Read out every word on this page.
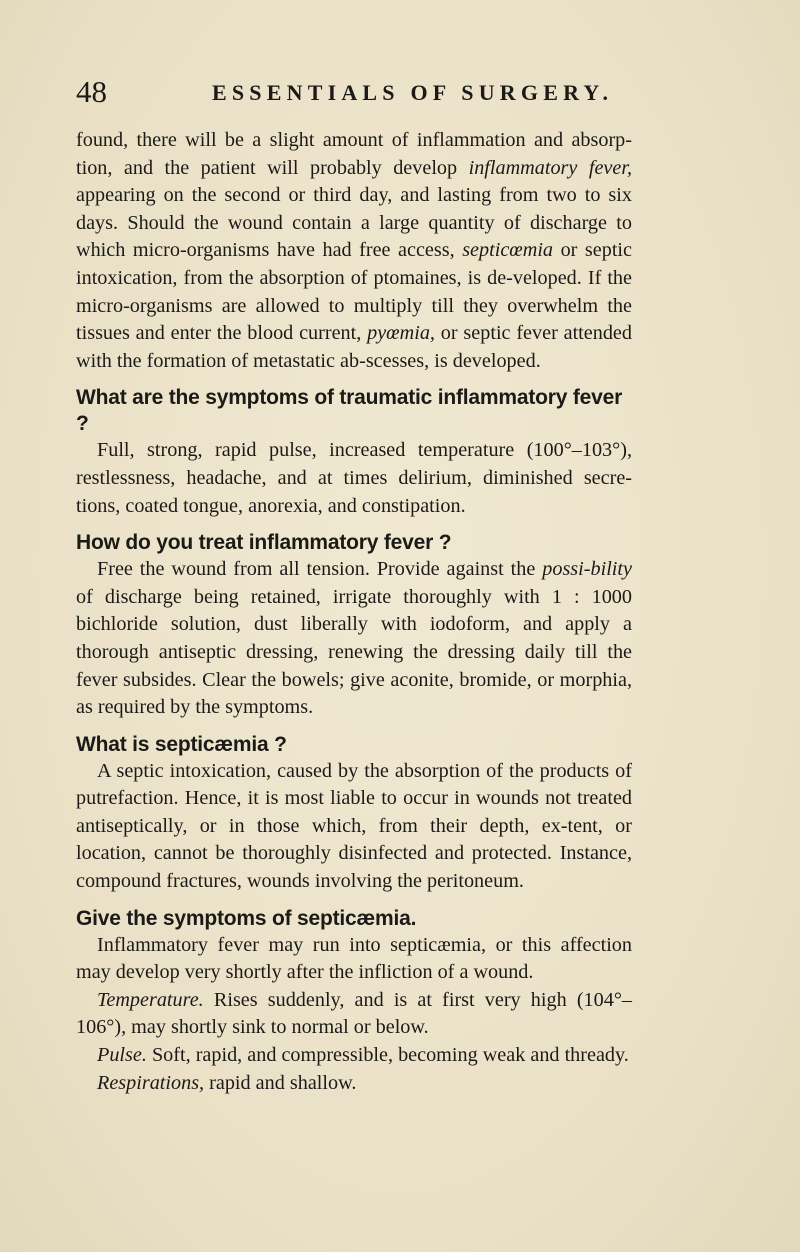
48	ESSENTIALS OF SURGERY.

found, there will be a slight amount of inflammation and absorp-tion, and the patient will probably develop inflammatory fever, appearing on the second or third day, and lasting from two to six days. Should the wound contain a large quantity of discharge to which micro-organisms have had free access, septicœmia or septic intoxication, from the absorption of ptomaines, is de-veloped. If the micro-organisms are allowed to multiply till they overwhelm the tissues and enter the blood current, pyœmia, or septic fever attended with the formation of metastatic ab-scesses, is developed.

What are the symptoms of traumatic inflammatory fever ?

Full, strong, rapid pulse, increased temperature (100°–103°), restlessness, headache, and at times delirium, diminished secre-tions, coated tongue, anorexia, and constipation.

How do you treat inflammatory fever ?

Free the wound from all tension. Provide against the possi-bility of discharge being retained, irrigate thoroughly with 1 : 1000 bichloride solution, dust liberally with iodoform, and apply a thorough antiseptic dressing, renewing the dressing daily till the fever subsides. Clear the bowels; give aconite, bromide, or morphia, as required by the symptoms.

What is septicæmia ?

A septic intoxication, caused by the absorption of the products of putrefaction. Hence, it is most liable to occur in wounds not treated antiseptically, or in those which, from their depth, ex-tent, or location, cannot be thoroughly disinfected and protected. Instance, compound fractures, wounds involving the peritoneum.

Give the symptoms of septicæmia.

Inflammatory fever may run into septicæmia, or this affection may develop very shortly after the infliction of a wound.

Temperature. Rises suddenly, and is at first very high (104°–106°), may shortly sink to normal or below.

Pulse. Soft, rapid, and compressible, becoming weak and thready.

Respirations, rapid and shallow.
